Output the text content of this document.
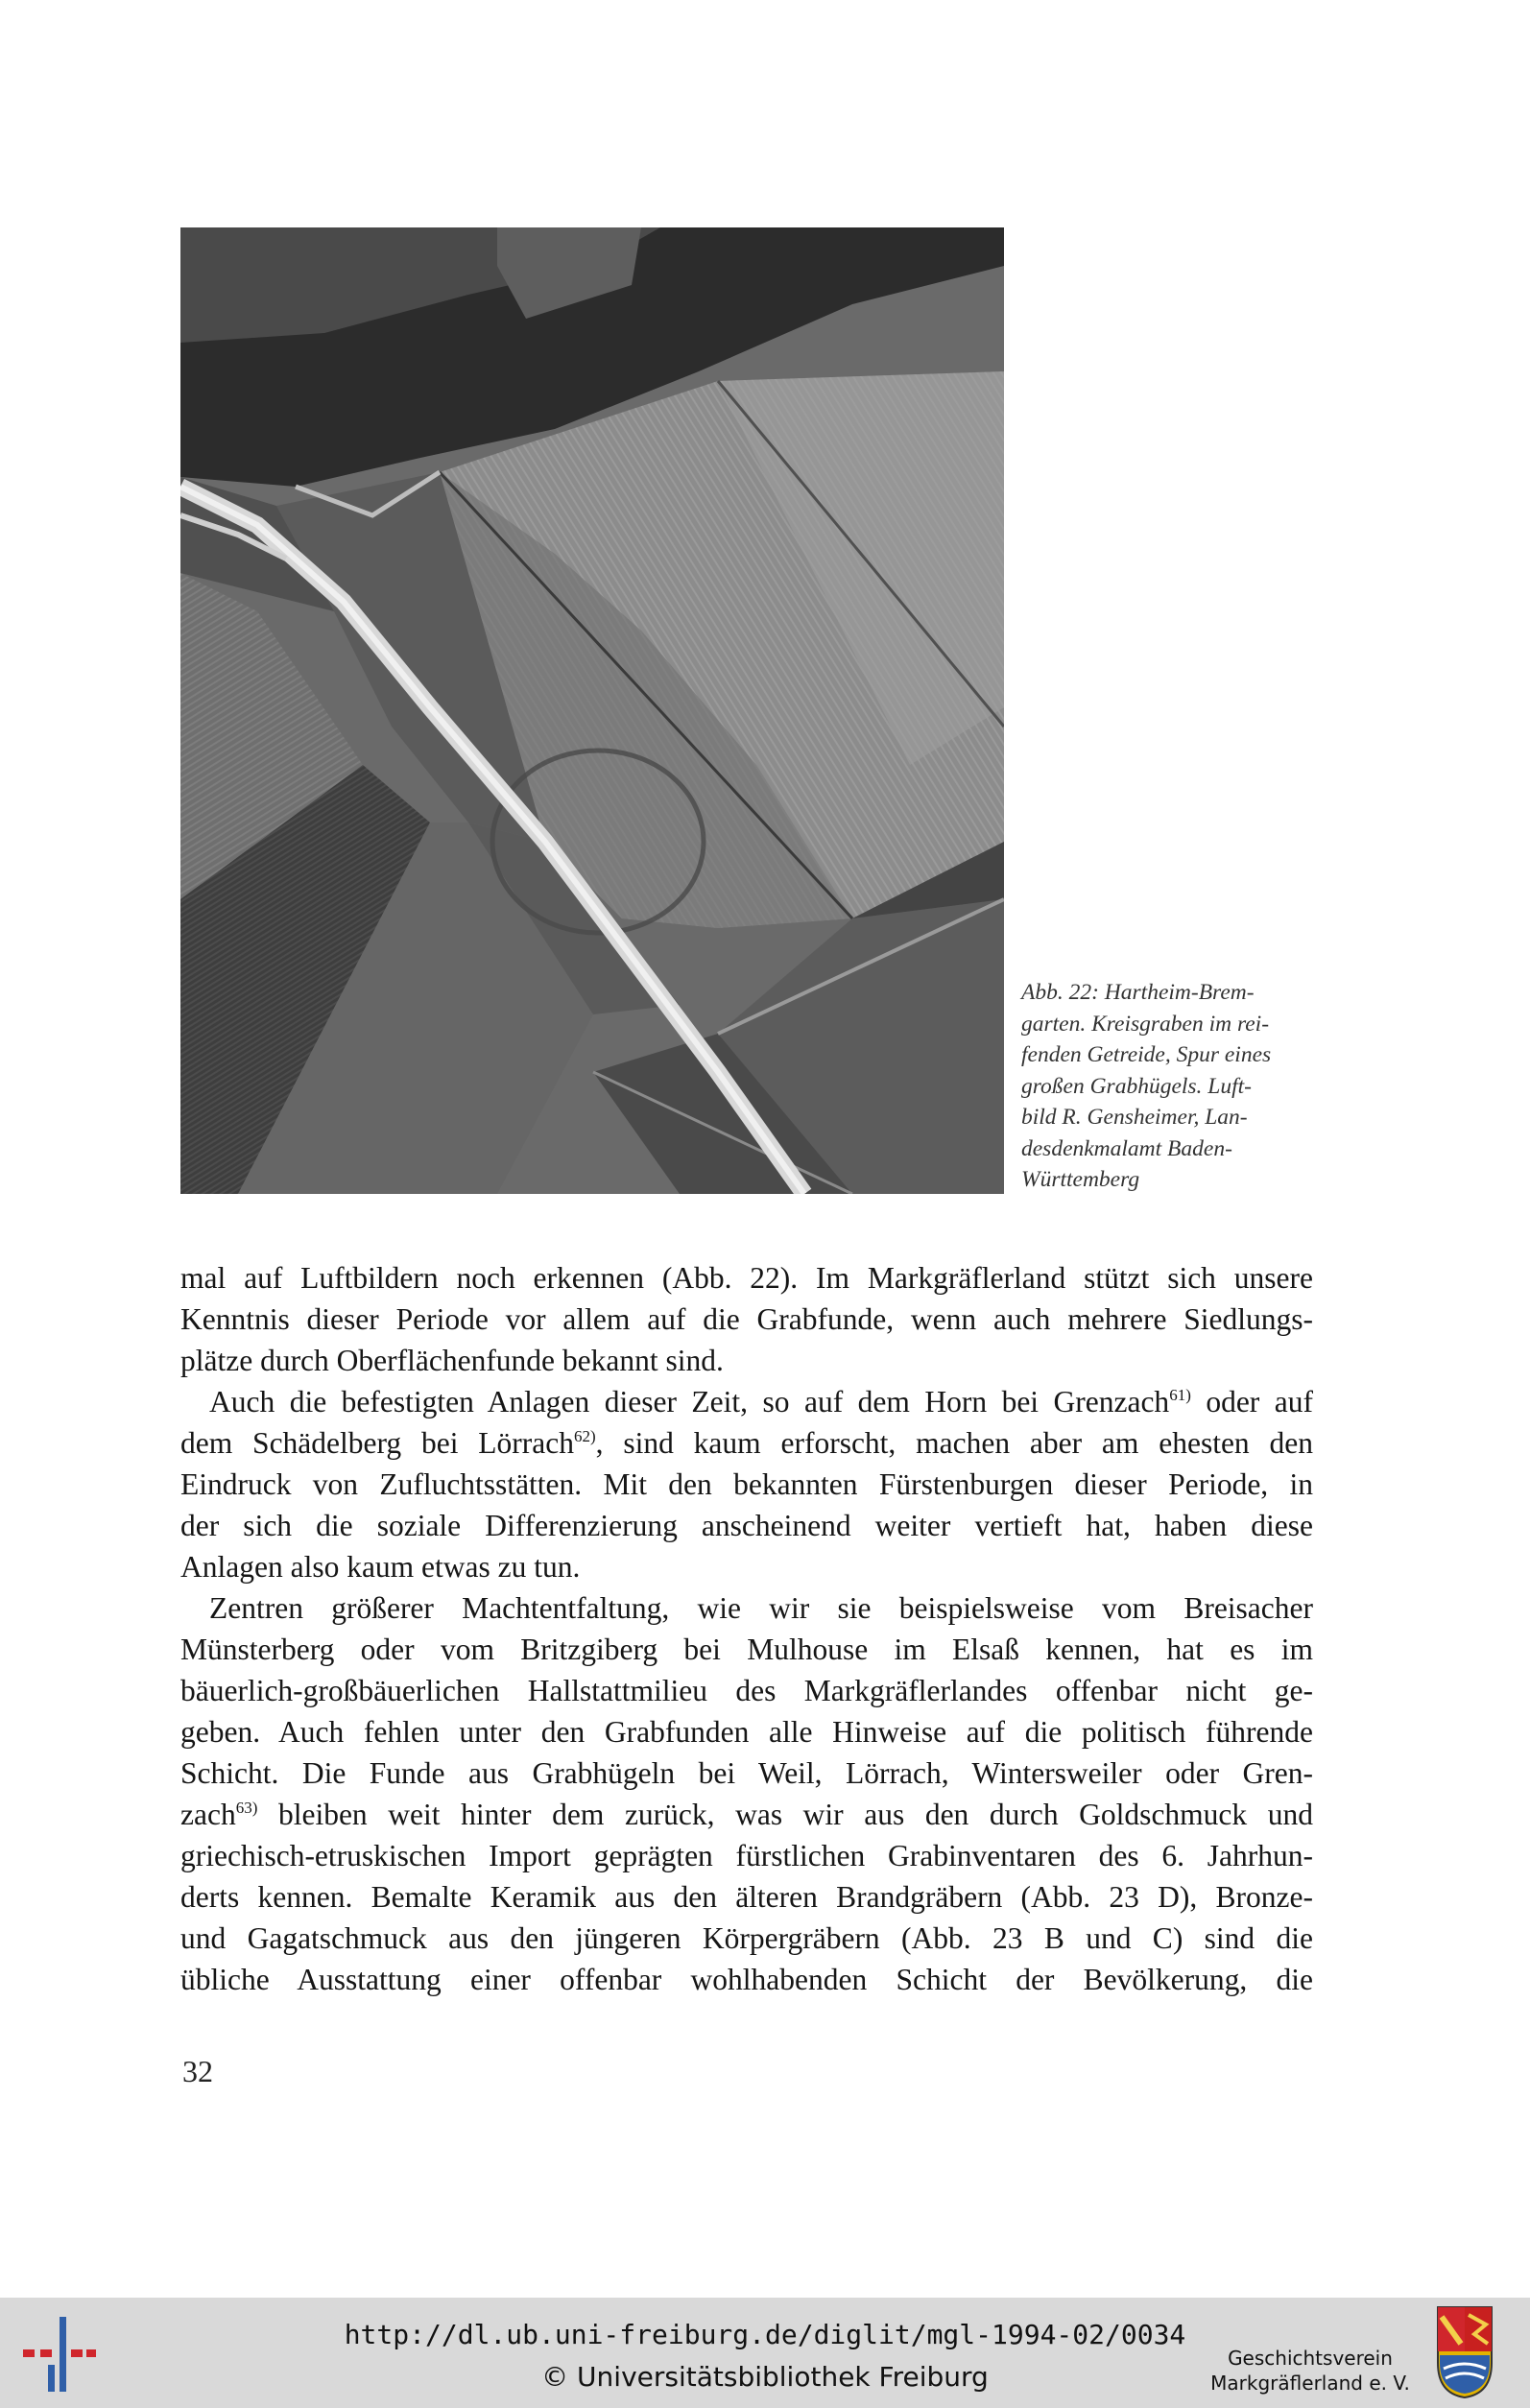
Abb. 22: Hartheim-Brem-
garten. Kreisgraben im rei-
fenden Getreide, Spur eines
großen Grabhügels. Luft-
bild R. Gensheimer, Lan-
desdenkmalamt Baden-
Württemberg
mal auf Luftbildern noch erkennen (Abb. 22). Im Markgräflerland stützt sich unsere
Kenntnis dieser Periode vor allem auf die Grabfunde, wenn auch mehrere Siedlungs-
plätze durch Oberflächenfunde bekannt sind.
Auch die befestigten Anlagen dieser Zeit, so auf dem Horn bei Grenzach$^{61)}$ oder auf
dem Schädelberg bei Lörrach$^{62)}$, sind kaum erforscht, machen aber am ehesten den
Eindruck von Zufluchtsstätten. Mit den bekannten Fürstenburgen dieser Periode, in
der sich die soziale Differenzierung anscheinend weiter vertieft hat, haben diese
Anlagen also kaum etwas zu tun.
Zentren größerer Machtentfaltung, wie wir sie beispielsweise vom Breisacher
Münsterberg oder vom Britzgiberg bei Mulhouse im Elsaß kennen, hat es im
bäuerlich-großbäuerlichen Hallstattmilieu des Markgräflerlandes offenbar nicht ge-
geben. Auch fehlen unter den Grabfunden alle Hinweise auf die politisch führende
Schicht. Die Funde aus Grabhügeln bei Weil, Lörrach, Wintersweiler oder Gren-
zach$^{63)}$ bleiben weit hinter dem zurück, was wir aus den durch Goldschmuck und
griechisch-etruskischen Import geprägten fürstlichen Grabinventaren des 6. Jahrhun-
derts kennen. Bemalte Keramik aus den älteren Brandgräbern (Abb. 23 D), Bronze-
und Gagatschmuck aus den jüngeren Körpergräbern (Abb. 23 B und C) sind die
übliche Ausstattung einer offenbar wohlhabenden Schicht der Bevölkerung, die
32
http://dl.ub.uni-freiburg.de/diglit/mgl-1994-02/0034
© Universitätsbibliothek Freiburg
Geschichtsverein
Markgräflerland e. V.
